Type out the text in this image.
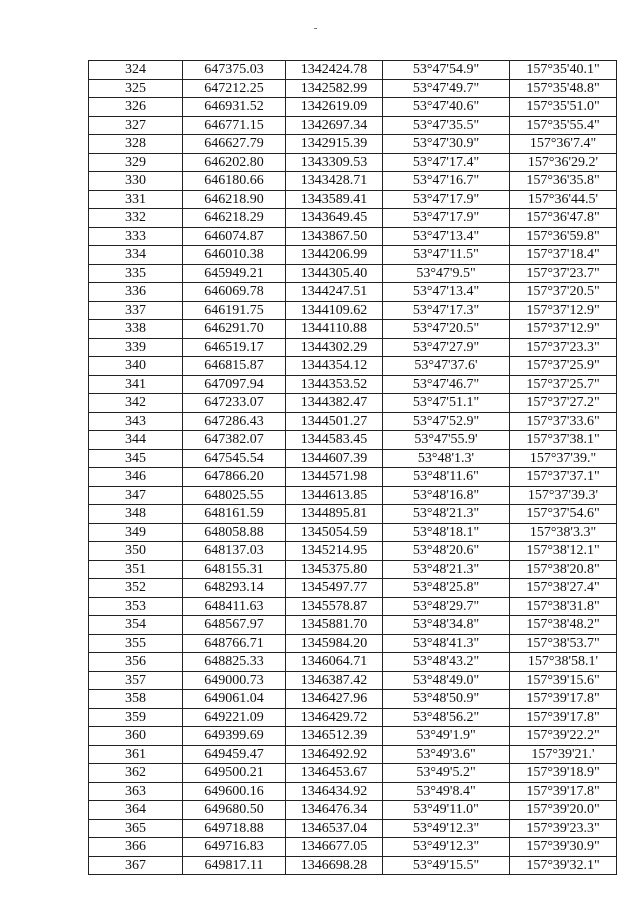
324	647375.03	1342424.78	53°47'54.9"	157°35'40.1"
325	647212.25	1342582.99	53°47'49.7"	157°35'48.8"
326	646931.52	1342619.09	53°47'40.6"	157°35'51.0"
327	646771.15	1342697.34	53°47'35.5"	157°35'55.4"
328	646627.79	1342915.39	53°47'30.9"	157°36'7.4"
329	646202.80	1343309.53	53°47'17.4"	157°36'29.2'
330	646180.66	1343428.71	53°47'16.7"	157°36'35.8"
331	646218.90	1343589.41	53°47'17.9"	157°36'44.5'
332	646218.29	1343649.45	53°47'17.9"	157°36'47.8"
333	646074.87	1343867.50	53°47'13.4"	157°36'59.8"
334	646010.38	1344206.99	53°47'11.5"	157°37'18.4"
335	645949.21	1344305.40	53°47'9.5"	157°37'23.7"
336	646069.78	1344247.51	53°47'13.4"	157°37'20.5"
337	646191.75	1344109.62	53°47'17.3"	157°37'12.9"
338	646291.70	1344110.88	53°47'20.5"	157°37'12.9"
339	646519.17	1344302.29	53°47'27.9"	157°37'23.3"
340	646815.87	1344354.12	53°47'37.6'	157°37'25.9"
341	647097.94	1344353.52	53°47'46.7"	157°37'25.7"
342	647233.07	1344382.47	53°47'51.1"	157°37'27.2"
343	647286.43	1344501.27	53°47'52.9"	157°37'33.6"
344	647382.07	1344583.45	53°47'55.9'	157°37'38.1"
345	647545.54	1344607.39	53°48'1.3'	157°37'39."
346	647866.20	1344571.98	53°48'11.6"	157°37'37.1"
347	648025.55	1344613.85	53°48'16.8"	157°37'39.3'
348	648161.59	1344895.81	53°48'21.3"	157°37'54.6"
349	648058.88	1345054.59	53°48'18.1"	157°38'3.3"
350	648137.03	1345214.95	53°48'20.6"	157°38'12.1"
351	648155.31	1345375.80	53°48'21.3"	157°38'20.8"
352	648293.14	1345497.77	53°48'25.8"	157°38'27.4"
353	648411.63	1345578.87	53°48'29.7"	157°38'31.8"
354	648567.97	1345881.70	53°48'34.8"	157°38'48.2"
355	648766.71	1345984.20	53°48'41.3"	157°38'53.7"
356	648825.33	1346064.71	53°48'43.2"	157°38'58.1'
357	649000.73	1346387.42	53°48'49.0"	157°39'15.6"
358	649061.04	1346427.96	53°48'50.9"	157°39'17.8"
359	649221.09	1346429.72	53°48'56.2"	157°39'17.8"
360	649399.69	1346512.39	53°49'1.9"	157°39'22.2"
361	649459.47	1346492.92	53°49'3.6"	157°39'21.'
362	649500.21	1346453.67	53°49'5.2"	157°39'18.9"
363	649600.16	1346434.92	53°49'8.4"	157°39'17.8"
364	649680.50	1346476.34	53°49'11.0"	157°39'20.0"
365	649718.88	1346537.04	53°49'12.3"	157°39'23.3"
366	649716.83	1346677.05	53°49'12.3"	157°39'30.9"
367	649817.11	1346698.28	53°49'15.5"	157°39'32.1"
